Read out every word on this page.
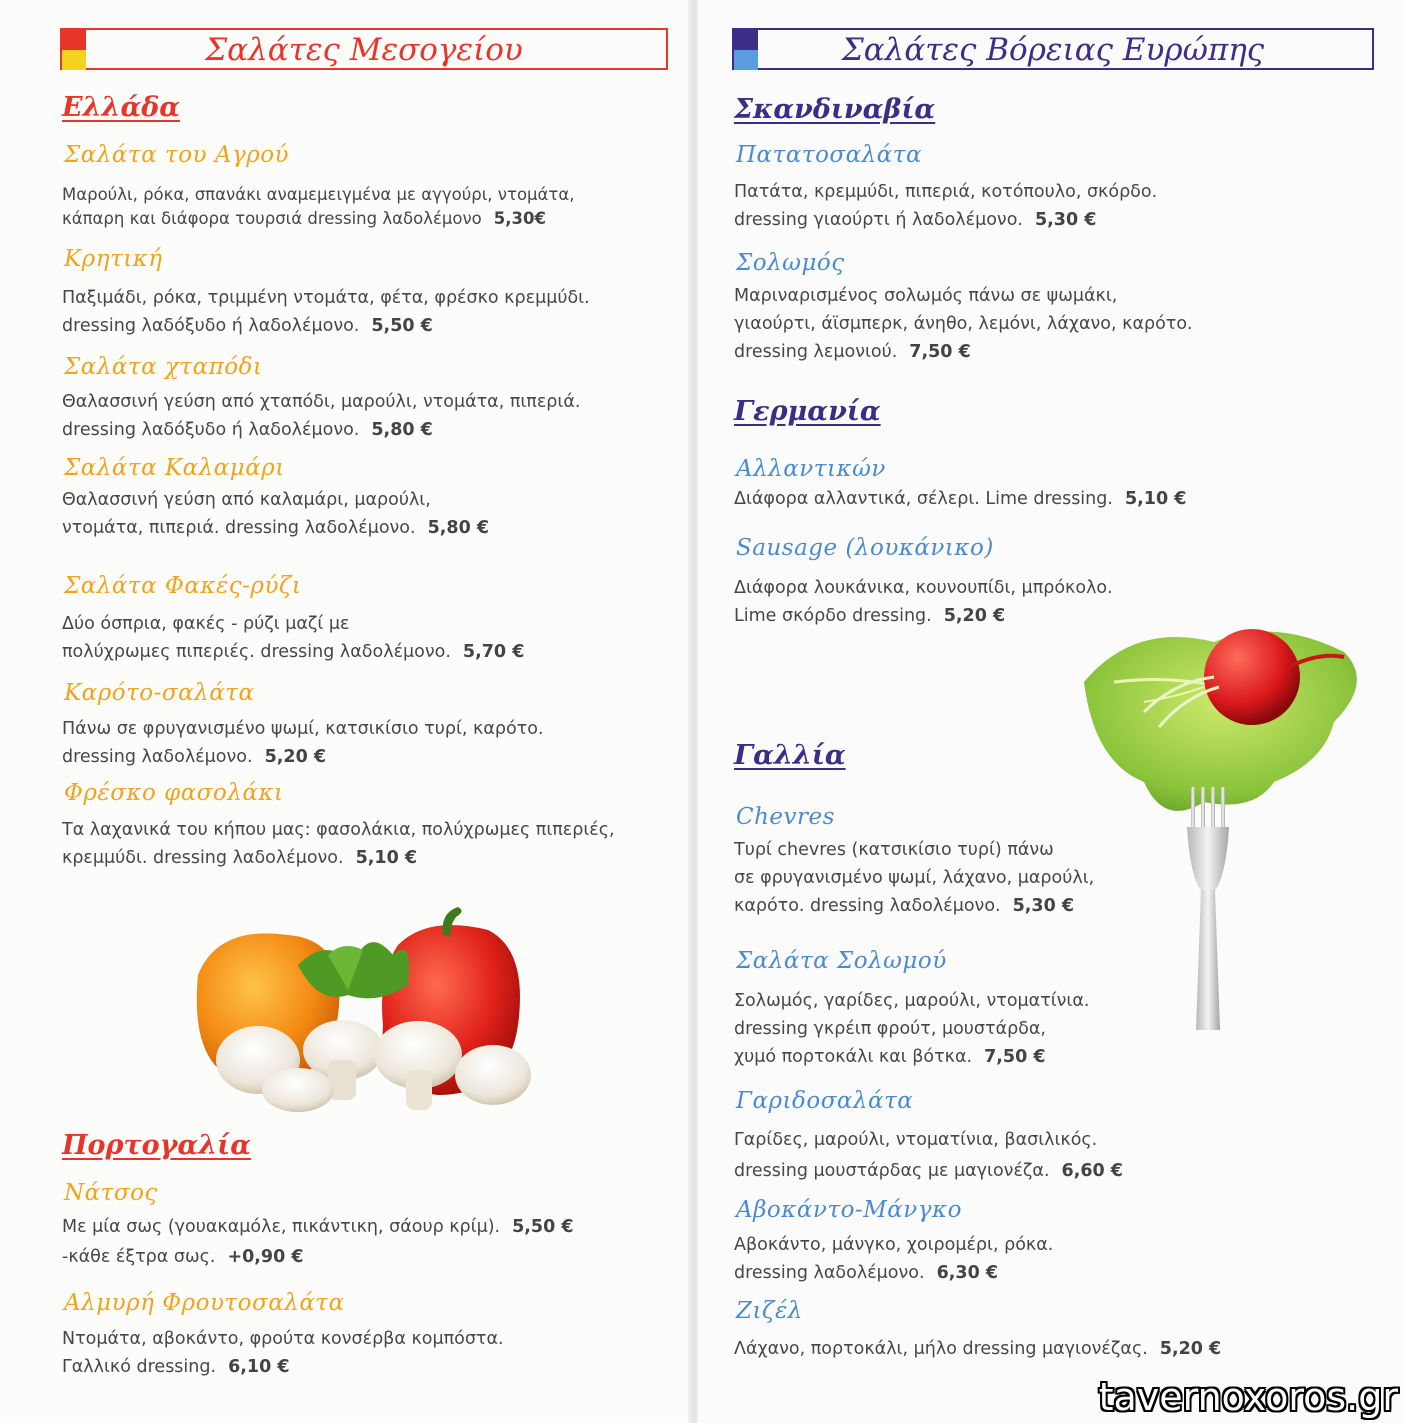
Σαλάτες Μεσογείου
Ελλάδα
Σαλάτα του Αγρού
Μαρούλι, ρόκα, σπανάκι αναμεμειγμένα με αγγούρι, ντομάτα,
κάπαρη και διάφορα τουρσιά dressing λαδολέμονο 5,30€
Κρητική
Παξιμάδι, ρόκα, τριμμένη ντομάτα, φέτα, φρέσκο κρεμμύδι.
dressing λαδόξυδο ή λαδολέμονο. 5,50 €
Σαλάτα χταπόδι
Θαλασσινή γεύση από χταπόδι, μαρούλι, ντομάτα, πιπεριά.
dressing λαδόξυδο ή λαδολέμονο. 5,80 €
Σαλάτα Καλαμάρι
Θαλασσινή γεύση από καλαμάρι, μαρούλι,
ντομάτα, πιπεριά. dressing λαδολέμονο. 5,80 €
Σαλάτα Φακές-ρύζι
Δύο όσπρια, φακές - ρύζι μαζί με
πολύχρωμες πιπεριές. dressing λαδολέμονο. 5,70 €
Καρότο-σαλάτα
Πάνω σε φρυγανισμένο ψωμί, κατσικίσιο τυρί, καρότο.
dressing λαδολέμονο. 5,20 €
Φρέσκο φασολάκι
Τα λαχανικά του κήπου μας: φασολάκια, πολύχρωμες πιπεριές,
κρεμμύδι. dressing λαδολέμονο. 5,10 €
Πορτογαλία
Νάτσος
Με μία σως (γουακαμόλε, πικάντικη, σάουρ κρίμ). 5,50 €
-κάθε έξτρα σως. +0,90 €
Αλμυρή Φρουτοσαλάτα
Ντομάτα, αβοκάντο, φρούτα κονσέρβα κομπόστα.
Γαλλικό dressing. 6,10 €
Σαλάτες Βόρειας Ευρώπης
Σκανδιναβία
Πατατοσαλάτα
Πατάτα, κρεμμύδι, πιπεριά, κοτόπουλο, σκόρδο.
dressing γιαούρτι ή λαδολέμονο. 5,30 €
Σολωμός
Μαριναρισμένος σολωμός πάνω σε ψωμάκι,
γιαούρτι, άϊσμπερκ, άνηθο, λεμόνι, λάχανο, καρότο.
dressing λεμονιού. 7,50 €
Γερμανία
Αλλαντικών
Διάφορα αλλαντικά, σέλερι. Lime dressing. 5,10 €
Sausage (λουκάνικο)
Διάφορα λουκάνικα, κουνουπίδι, μπρόκολο.
Lime σκόρδο dressing. 5,20 €
Γαλλία
Chevres
Τυρί chevres (κατσικίσιο τυρί) πάνω
σε φρυγανισμένο ψωμί, λάχανο, μαρούλι,
καρότο. dressing λαδολέμονο. 5,30 €
Σαλάτα Σολωμού
Σολωμός, γαρίδες, μαρούλι, ντοματίνια.
dressing γκρέιπ φρούτ, μουστάρδα,
χυμό πορτοκάλι και βότκα. 7,50 €
Γαριδοσαλάτα
Γαρίδες, μαρούλι, ντοματίνια, βασιλικός.
dressing μουστάρδας με μαγιονέζα. 6,60 €
Αβοκάντο-Μάνγκο
Αβοκάντο, μάνγκο, χοιρομέρι, ρόκα.
dressing λαδολέμονο. 6,30 €
Ζιζέλ
Λάχανο, πορτοκάλι, μήλο dressing μαγιονέζας. 5,20 €
tavernoxoros.gr
